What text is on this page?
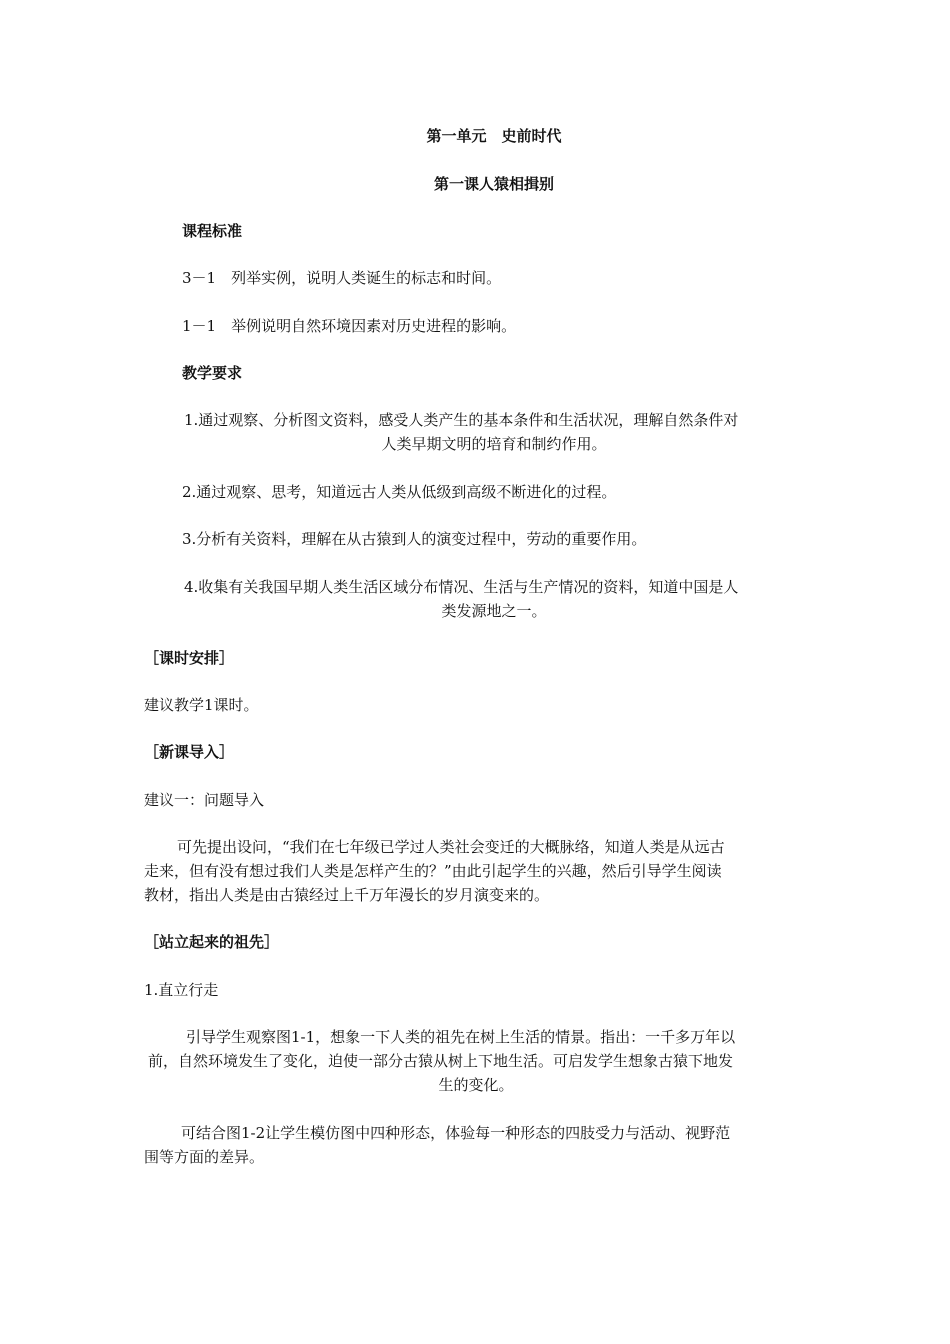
第一单元　史前时代
第一课人猿相揖别
课程标准
3－1　列举实例，说明人类诞生的标志和时间。
1－1　举例说明自然环境因素对历史进程的影响。
教学要求
1.通过观察、分析图文资料，感受人类产生的基本条件和生活状况，理解自然条件对
人类早期文明的培育和制约作用。
2.通过观察、思考，知道远古人类从低级到高级不断进化的过程。
3.分析有关资料，理解在从古猿到人的演变过程中，劳动的重要作用。
4.收集有关我国早期人类生活区域分布情况、生活与生产情况的资料，知道中国是人
类发源地之一。
［课时安排］
建议教学1课时。
［新课导入］
建议一：问题导入
可先提出设问，“我们在七年级已学过人类社会变迁的大概脉络，知道人类是从远古
走来，但有没有想过我们人类是怎样产生的？”由此引起学生的兴趣，然后引导学生阅读
教材，指出人类是由古猿经过上千万年漫长的岁月演变来的。
［站立起来的祖先］
1.直立行走
引导学生观察图1-1，想象一下人类的祖先在树上生活的情景。指出：一千多万年以
前，自然环境发生了变化，迫使一部分古猿从树上下地生活。可启发学生想象古猿下地发
生的变化。
可结合图1-2让学生模仿图中四种形态，体验每一种形态的四肢受力与活动、视野范
围等方面的差异。
